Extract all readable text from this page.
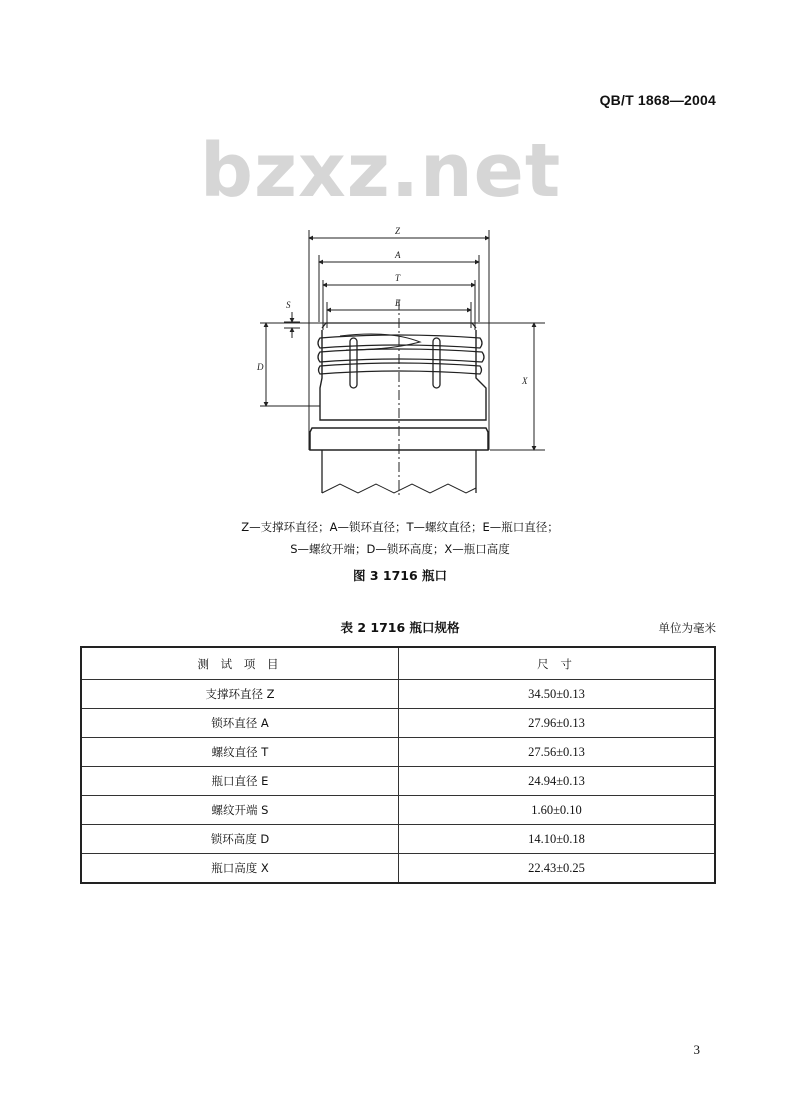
QB/T 1868—2004
bzxz.net
Z
A
T
E
S
D
X
Z—支撑环直径；A—锁环直径；T—螺纹直径；E—瓶口直径；
S—螺纹开端；D—锁环高度；X—瓶口高度
图 3 1716 瓶口
表 2 1716 瓶口规格	单位为毫米
测 试 项 目	尺 寸
支撑环直径 Z	34.50±0.13
锁环直径 A	27.96±0.13
螺纹直径 T	27.56±0.13
瓶口直径 E	24.94±0.13
螺纹开端 S	1.60±0.10
锁环高度 D	14.10±0.18
瓶口高度 X	22.43±0.25
3
